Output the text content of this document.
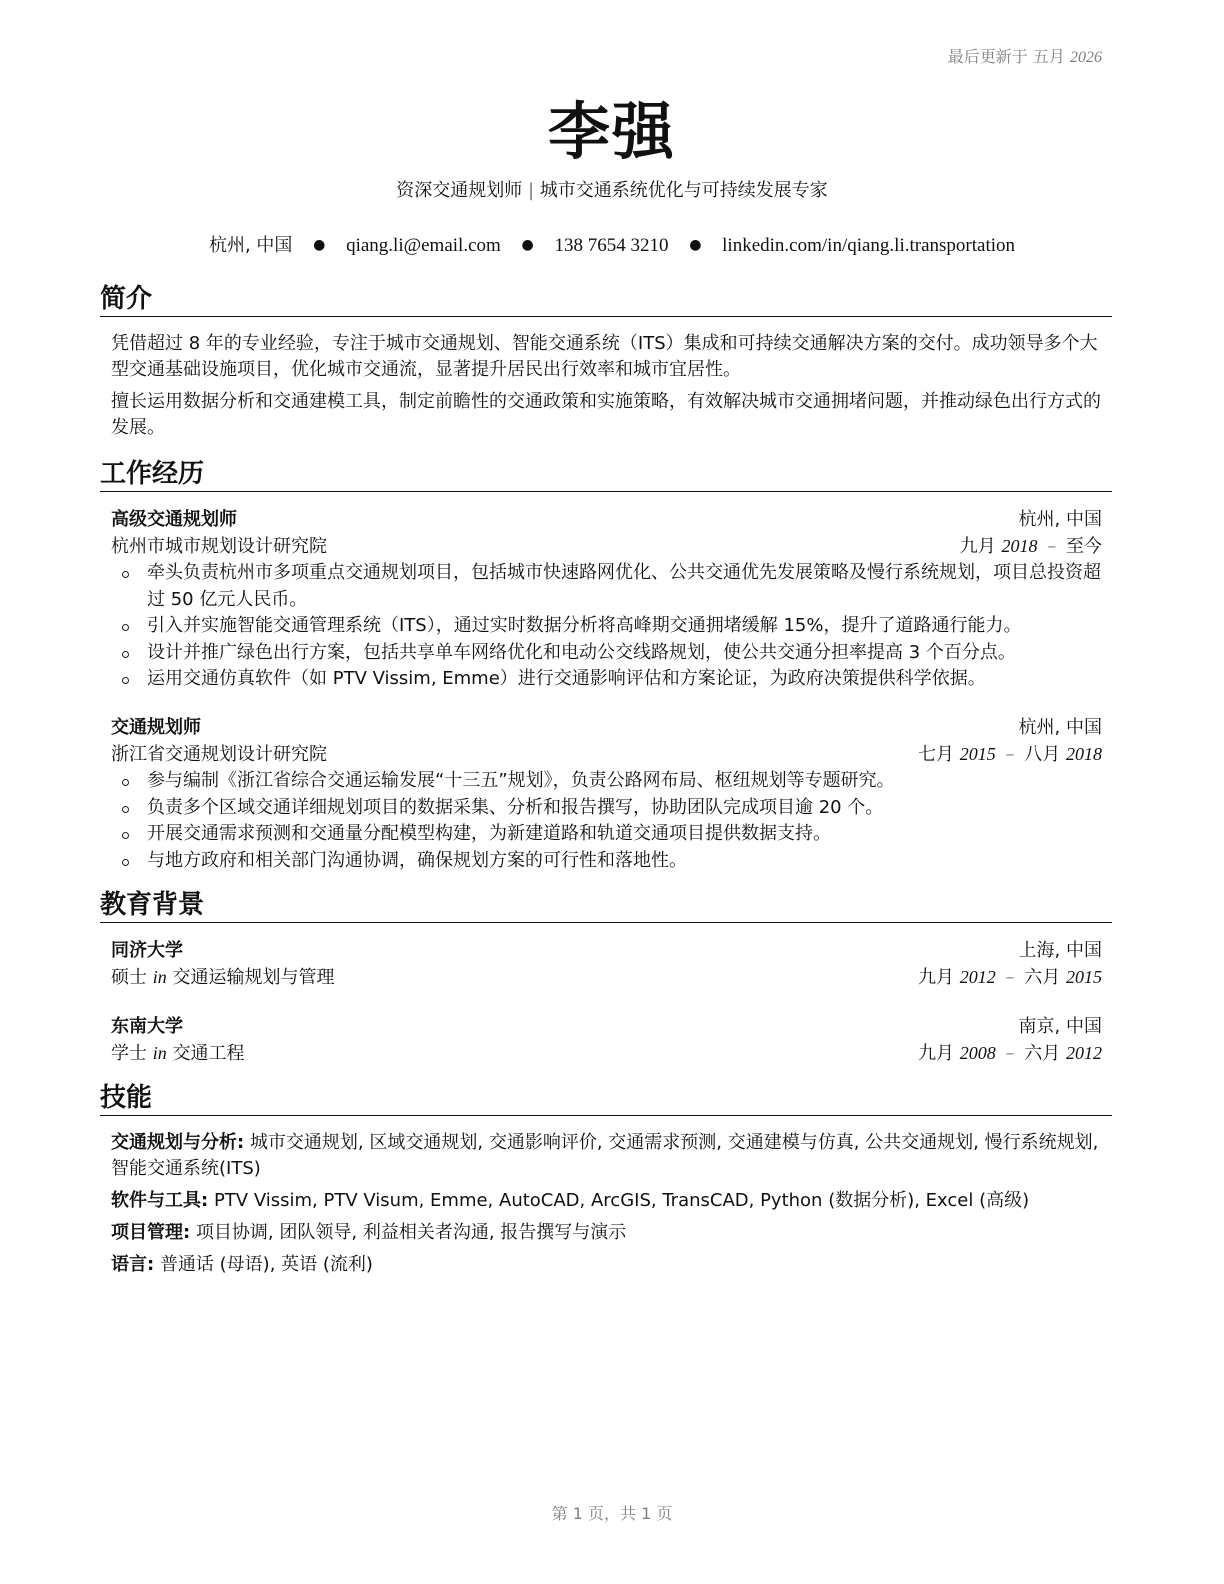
最后更新于 五月 2026
李强
资深交通规划师 | 城市交通系统优化与可持续发展专家
杭州, 中国 ● qiang.li@email.com ● 138 7654 3210 ● linkedin.com/in/qiang.li.transportation
简介

凭借超过 8 年的专业经验，专注于城市交通规划、智能交通系统（ITS）集成和可持续交通解决方案的交付。成功领导多个大型交通基础设施项目，优化城市交通流，显著提升居民出行效率和城市宜居性。

擅长运用数据分析和交通建模工具，制定前瞻性的交通政策和实施策略，有效解决城市交通拥堵问题，并推动绿色出行方式的发展。

工作经历
高级交通规划师	杭州, 中国
杭州市城市规划设计研究院	九月 2018 – 至今
牵头负责杭州市多项重点交通规划项目，包括城市快速路网优化、公共交通优先发展策略及慢行系统规划，项目总投资超过 50 亿元人民币。
引入并实施智能交通管理系统（ITS），通过实时数据分析将高峰期交通拥堵缓解 15%，提升了道路通行能力。
设计并推广绿色出行方案，包括共享单车网络优化和电动公交线路规划，使公共交通分担率提高 3 个百分点。
运用交通仿真软件（如 PTV Vissim, Emme）进行交通影响评估和方案论证，为政府决策提供科学依据。
交通规划师	杭州, 中国
浙江省交通规划设计研究院	七月 2015 – 八月 2018
参与编制《浙江省综合交通运输发展“十三五”规划》，负责公路网布局、枢纽规划等专题研究。
负责多个区域交通详细规划项目的数据采集、分析和报告撰写，协助团队完成项目逾 20 个。
开展交通需求预测和交通量分配模型构建，为新建道路和轨道交通项目提供数据支持。
与地方政府和相关部门沟通协调，确保规划方案的可行性和落地性。
教育背景
同济大学	上海, 中国
硕士 in 交通运输规划与管理	九月 2012 – 六月 2015
东南大学	南京, 中国
学士 in 交通工程	九月 2008 – 六月 2012
技能
交通规划与分析: 城市交通规划, 区域交通规划, 交通影响评价, 交通需求预测, 交通建模与仿真, 公共交通规划, 慢行系统规划, 智能交通系统(ITS)
软件与工具: PTV Vissim, PTV Visum, Emme, AutoCAD, ArcGIS, TransCAD, Python (数据分析), Excel (高级)
项目管理: 项目协调, 团队领导, 利益相关者沟通, 报告撰写与演示
语言: 普通话 (母语), 英语 (流利)
第 1 页，共 1 页
